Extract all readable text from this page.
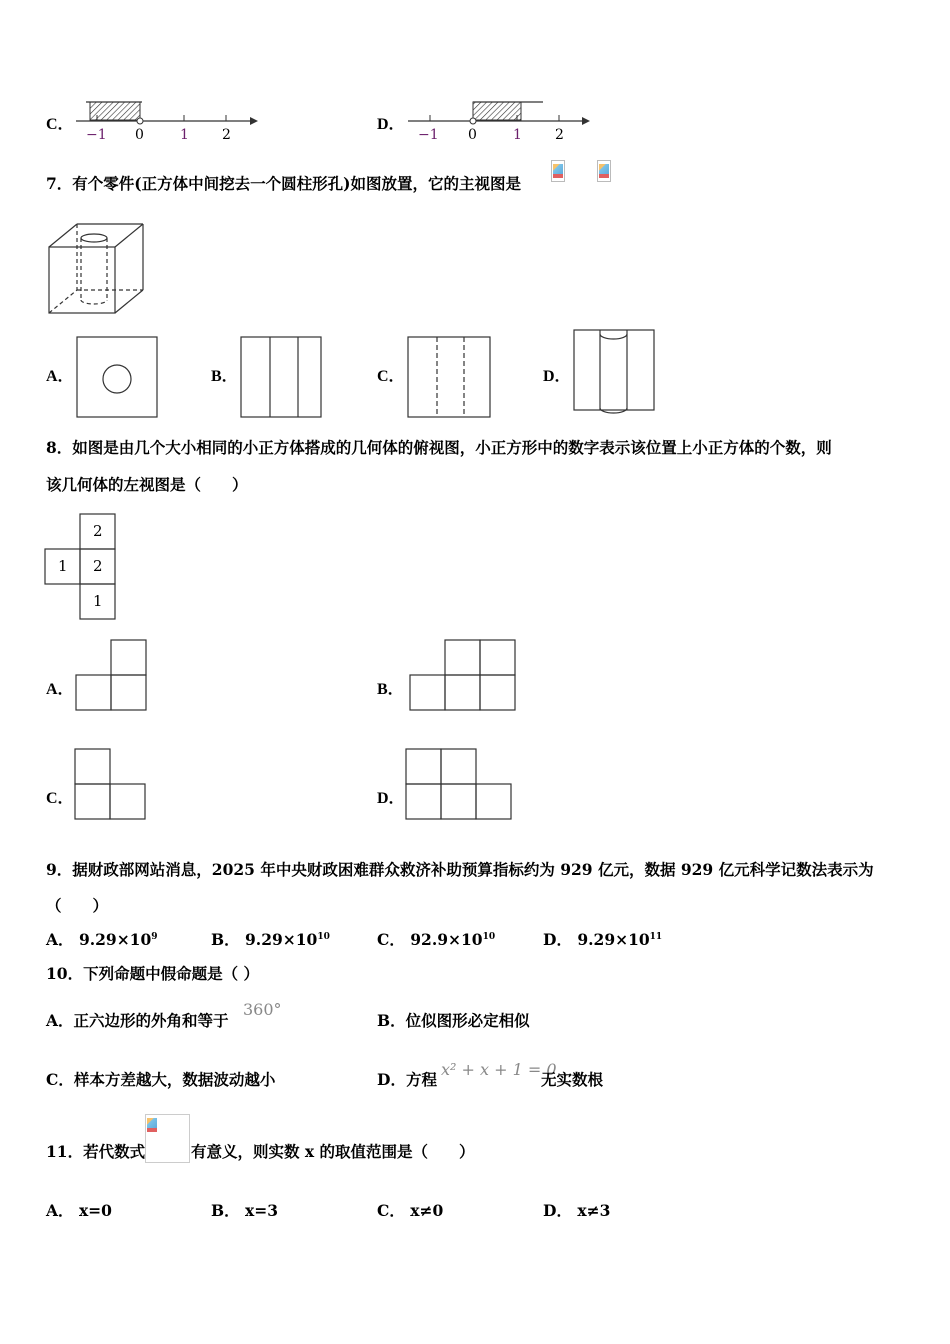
C．
−1 0	1 2
D．
−1 0	1 2
7．有个零件(正方体中间挖去一个圆柱形孔)如图放置，它的主视图是
A．	B．	C．	D．
8．如图是由几个大小相同的小正方体搭成的几何体的俯视图，小正方形中的数字表示该位置上小正方体的个数，则
该几何体的左视图是（　　）
2
1 2
1
A．	B．
C．	D．
9．据财政部网站消息，2025 年中央财政困难群众救济补助预算指标约为 929 亿元，数据 929 亿元科学记数法表示为
（　　）
A． $9.29\times 10^9$	B． $9.29\times 10^{10}$	C． $92.9\times 10^{10}$	D． $9.29\times 10^{11}$
10．下列命题中假命题是（ ）
A．正六边形的外角和等于
360°
B．位似图形必定相似
C．样本方差越大，数据波动越小	D．方程
x² + x + 1 = 0
无实数根
11．若代数式	有意义，则实数 x 的取值范围是（　　）
A． x=0	B． x=3	C． x≠0	D． x≠3
